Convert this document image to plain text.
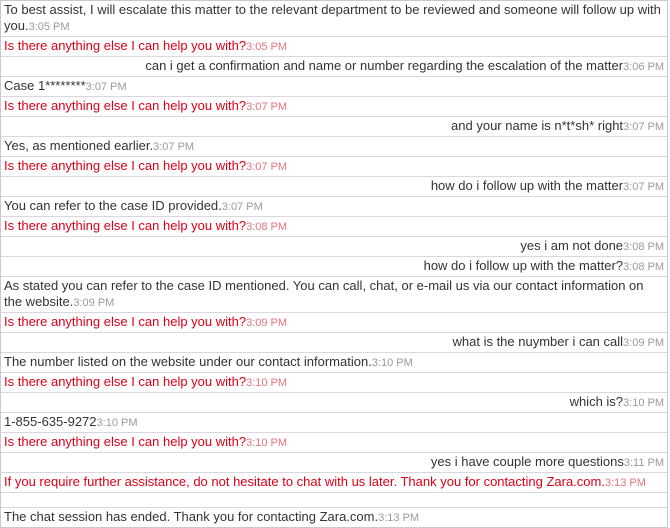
To best assist, I will escalate this matter to the relevant department to be reviewed and someone will follow up with you.3:05 PM
Is there anything else I can help you with?3:05 PM
can i get a confirmation and name or number regarding the escalation of the matter3:06 PM
Case 1********3:07 PM
Is there anything else I can help you with?3:07 PM
and your name is n*t*sh* right3:07 PM
Yes, as mentioned earlier.3:07 PM
Is there anything else I can help you with?3:07 PM
how do i follow up with the matter3:07 PM
You can refer to the case ID provided.3:07 PM
Is there anything else I can help you with?3:08 PM
yes i am not done3:08 PM
how do i follow up with the matter?3:08 PM
As stated you can refer to the case ID mentioned. You can call, chat, or e-mail us via our contact information on the website.3:09 PM
Is there anything else I can help you with?3:09 PM
what is the nuymber i can call3:09 PM
The number listed on the website under our contact information.3:10 PM
Is there anything else I can help you with?3:10 PM
which is?3:10 PM
1-855-635-92723:10 PM
Is there anything else I can help you with?3:10 PM
yes i have couple more questions3:11 PM
If you require further assistance, do not hesitate to chat with us later. Thank you for contacting Zara.com.3:13 PM
The chat session has ended. Thank you for contacting Zara.com.3:13 PM
